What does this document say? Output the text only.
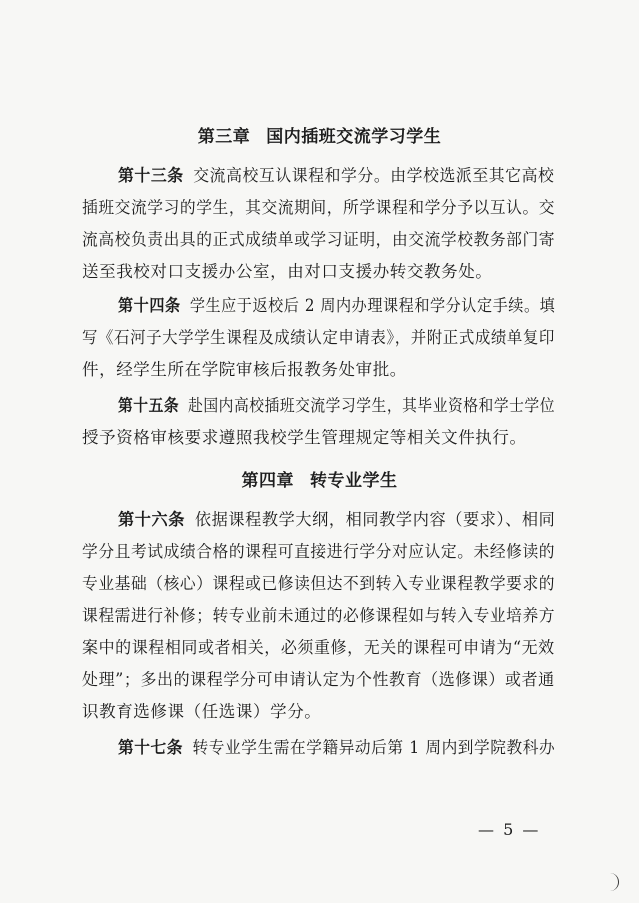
第三章 国内插班交流学习学生
第十三条 交流高校互认课程和学分。由学校选派至其它高校
插班交流学习的学生，其交流期间，所学课程和学分予以互认。交
流高校负责出具的正式成绩单或学习证明，由交流学校教务部门寄
送至我校对口支援办公室，由对口支援办转交教务处。
第十四条 学生应于返校后 2 周内办理课程和学分认定手续。填
写《石河子大学学生课程及成绩认定申请表》，并附正式成绩单复印
件，经学生所在学院审核后报教务处审批。
第十五条 赴国内高校插班交流学习学生，其毕业资格和学士学位
授予资格审核要求遵照我校学生管理规定等相关文件执行。
第四章 转专业学生
第十六条 依据课程教学大纲，相同教学内容（要求）、相同
学分且考试成绩合格的课程可直接进行学分对应认定。未经修读的
专业基础（核心）课程或已修读但达不到转入专业课程教学要求的
课程需进行补修；转专业前未通过的必修课程如与转入专业培养方
案中的课程相同或者相关，必须重修，无关的课程可申请为“无效
处理”；多出的课程学分可申请认定为个性教育（选修课）或者通
识教育选修课（任选课）学分。
第十七条 转专业学生需在学籍异动后第 1 周内到学院教科办
— 5 —
